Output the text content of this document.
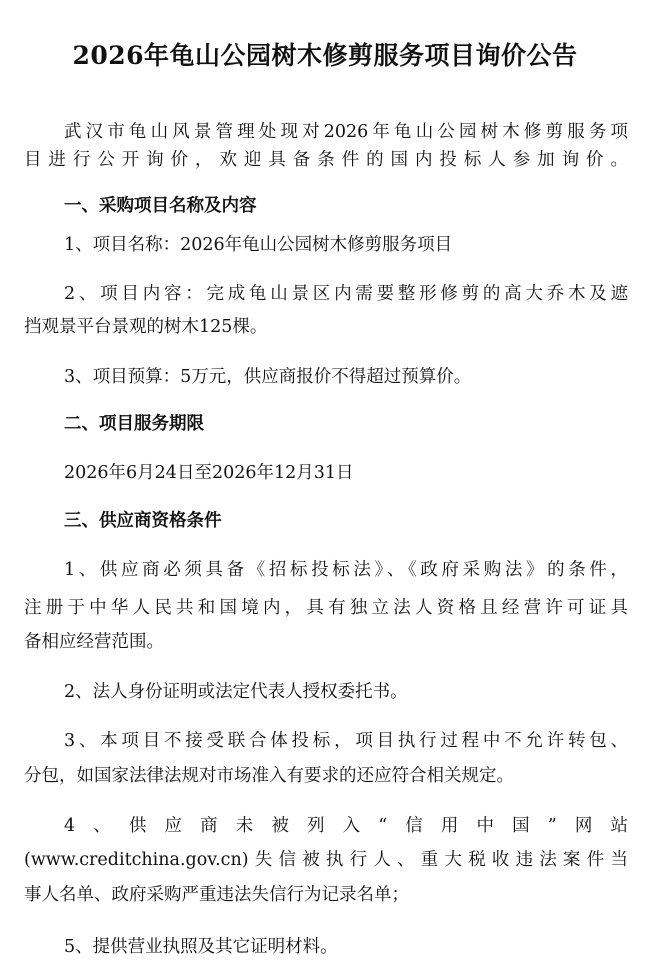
2026年龟山公园树木修剪服务项目询价公告
武汉市龟山风景管理处现对2026年龟山公园树木修剪服务项
目进行公开询价，欢迎具备条件的国内投标人参加询价。
一、采购项目名称及内容
1、项目名称：2026年龟山公园树木修剪服务项目
2、项目内容：完成龟山景区内需要整形修剪的高大乔木及遮
挡观景平台景观的树木125棵。
3、项目预算：5万元，供应商报价不得超过预算价。
二、项目服务期限
2026年6月24日至2026年12月31日
三、供应商资格条件
1、供应商必须具备《招标投标法》、《政府采购法》的条件，
注册于中华人民共和国境内，具有独立法人资格且经营许可证具
备相应经营范围。
2、法人身份证明或法定代表人授权委托书。
3、本项目不接受联合体投标，项目执行过程中不允许转包、
分包，如国家法律法规对市场准入有要求的还应符合相关规定。
4、供应商未被列入“信用中国”网站
(www.creditchina.gov.cn)失信被执行人、重大税收违法案件当
事人名单、政府采购严重违法失信行为记录名单；
5、提供营业执照及其它证明材料。
